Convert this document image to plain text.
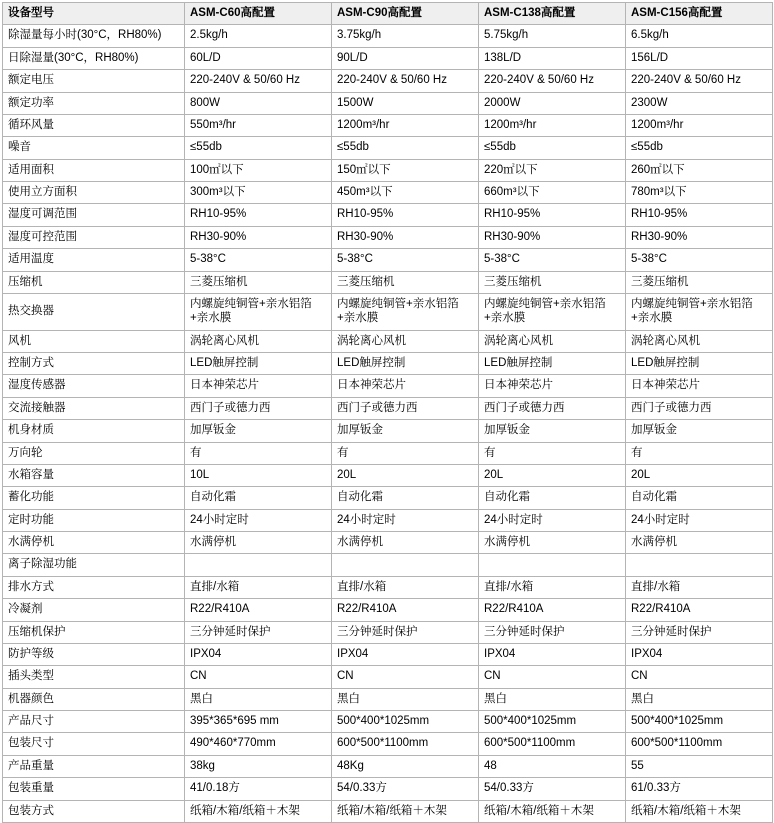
设备型号	ASM-C60高配置	ASM-C90高配置	ASM-C138高配置	ASM-C156高配置
除湿量每小时(30°C，RH80%)	2.5kg/h	3.75kg/h	5.75kg/h	6.5kg/h
日除湿量(30°C，RH80%)	60L/D	90L/D	138L/D	156L/D
额定电压	220-240V & 50/60 Hz	220-240V & 50/60 Hz	220-240V & 50/60 Hz	220-240V & 50/60 Hz
额定功率	800W	1500W	2000W	2300W
循环风量	550m³/hr	1200m³/hr	1200m³/hr	1200m³/hr
噪音	≤55db	≤55db	≤55db	≤55db
适用面积	100㎡以下	150㎡以下	220㎡以下	260㎡以下
使用立方面积	300m³以下	450m³以下	660m³以下	780m³以下
湿度可调范围	RH10-95%	RH10-95%	RH10-95%	RH10-95%
湿度可控范围	RH30-90%	RH30-90%	RH30-90%	RH30-90%
适用温度	5-38°C	5-38°C	5-38°C	5-38°C
压缩机	三菱压缩机	三菱压缩机	三菱压缩机	三菱压缩机
热交换器	内螺旋纯铜管+亲水铝箔+亲水膜	内螺旋纯铜管+亲水铝箔+亲水膜	内螺旋纯铜管+亲水铝箔+亲水膜	内螺旋纯铜管+亲水铝箔+亲水膜
风机	涡轮离心风机	涡轮离心风机	涡轮离心风机	涡轮离心风机
控制方式	LED触屏控制	LED触屏控制	LED触屏控制	LED触屏控制
湿度传感器	日本神荣芯片	日本神荣芯片	日本神荣芯片	日本神荣芯片
交流接触器	西门子或德力西	西门子或德力西	西门子或德力西	西门子或德力西
机身材质	加厚钣金	加厚钣金	加厚钣金	加厚钣金
万向轮	有	有	有	有
水箱容量	10L	20L	20L	20L
蓄化功能	自动化霜	自动化霜	自动化霜	自动化霜
定时功能	24小时定时	24小时定时	24小时定时	24小时定时
水满停机	水满停机	水满停机	水满停机	水满停机
离子除湿功能				
排水方式	直排/水箱	直排/水箱	直排/水箱	直排/水箱
冷凝剂	R22/R410A	R22/R410A	R22/R410A	R22/R410A
压缩机保护	三分钟延时保护	三分钟延时保护	三分钟延时保护	三分钟延时保护
防护等级	IPX04	IPX04	IPX04	IPX04
插头类型	CN	CN	CN	CN
机器颜色	黑白	黑白	黑白	黑白
产品尺寸	395*365*695 mm	500*400*1025mm	500*400*1025mm	500*400*1025mm
包装尺寸	490*460*770mm	600*500*1100mm	600*500*1100mm	600*500*1100mm
产品重量	38kg	48Kg	48	55
包装重量	41/0.18方	54/0.33方	54/0.33方	61/0.33方
包装方式	纸箱/木箱/纸箱＋木架	纸箱/木箱/纸箱＋木架	纸箱/木箱/纸箱＋木架	纸箱/木箱/纸箱＋木架
